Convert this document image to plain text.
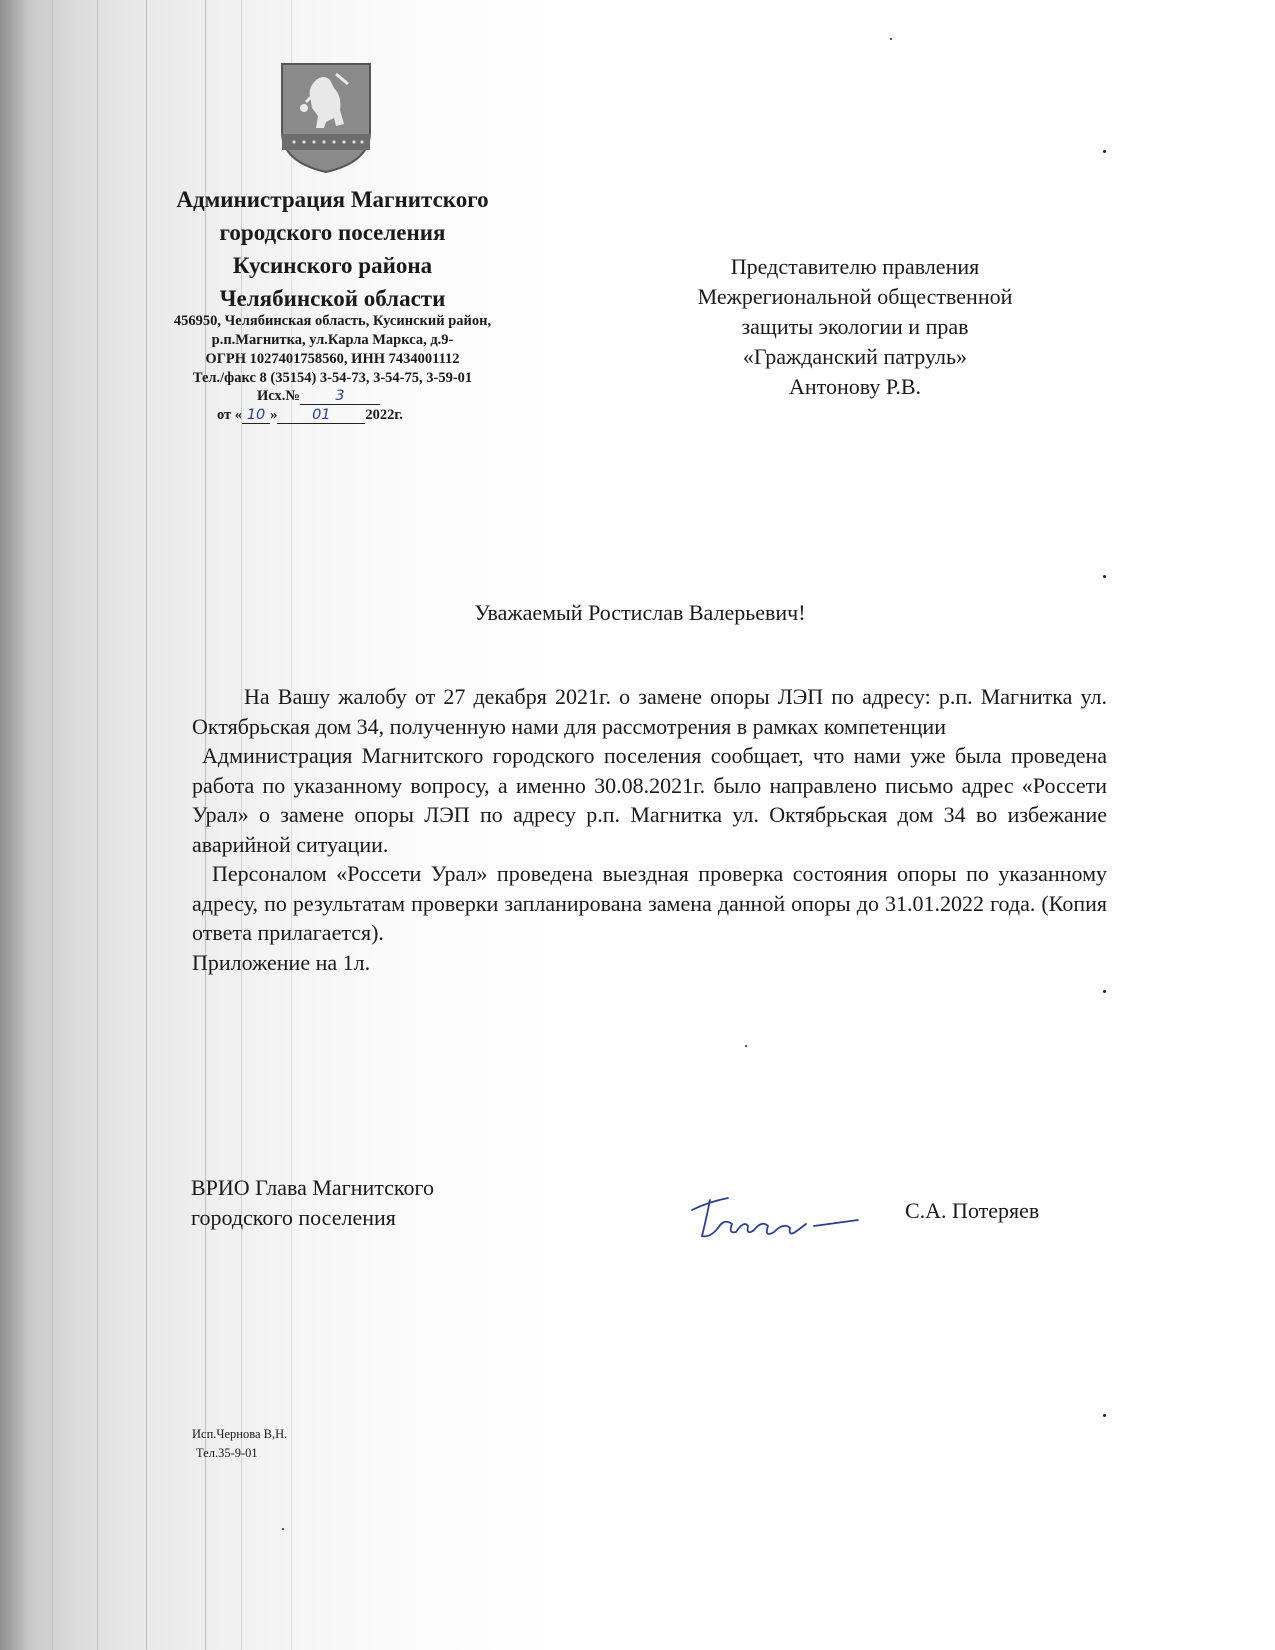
Администрация Магнитского
городского поселения
Кусинского района
Челябинской области
456950, Челябинская область, Кусинский район,
р.п.Магнитка, ул.Карла Маркса, д.9-
ОГРН 1027401758560, ИНН 7434001112
Тел./факс 8 (35154) 3-54-73, 3-54-75, 3-59-01
Исх.№ 3
от « 10 » 01 2022г.
Представителю правления
Межрегиональной общественной
защиты экологии и прав
«Гражданский патруль»
Антонову Р.В.
Уважаемый Ростислав Валерьевич!

На Вашу жалобу от 27 декабря 2021г. о замене опоры ЛЭП по адресу: р.п. Магнитка ул. Октябрьская дом 34, полученную нами для рассмотрения в рамках компетенции

Администрация Магнитского городского поселения сообщает, что нами уже была проведена работа по указанному вопросу, а именно 30.08.2021г. было направлено письмо адрес «Россети Урал» о замене опоры ЛЭП по адресу р.п. Магнитка ул. Октябрьская дом 34 во избежание аварийной ситуации.

Персоналом «Россети Урал» проведена выездная проверка состояния опоры по указанному адресу, по результатам проверки запланирована замена данной опоры до 31.01.2022 года. (Копия ответа прилагается).

Приложение на 1л.

ВРИО Глава Магнитского
городского поселения	С.А. Потеряев
Исп.Чернова В,Н.
Тел.35-9-01
